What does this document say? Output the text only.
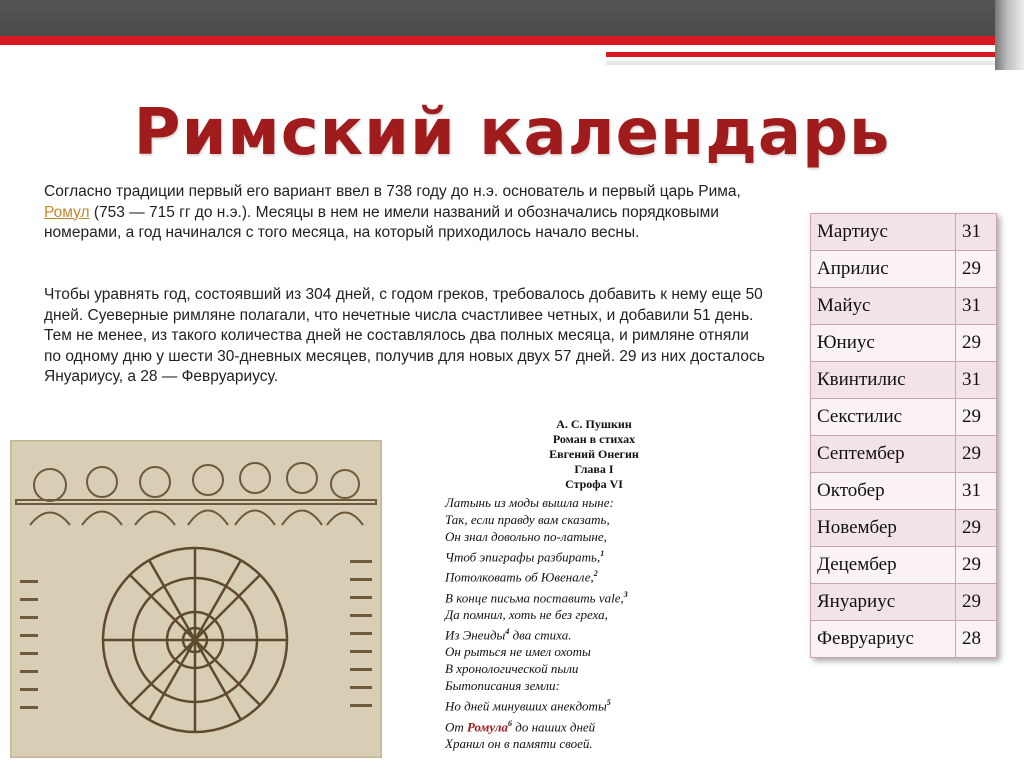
Римский календарь
Согласно традиции первый его вариант ввел в 738 году до н.э. основатель и первый царь Рима, Ромул (753 — 715 гг до н.э.). Месяцы в нем не имели названий и обозначались порядковыми номерами, а год начинался с того месяца, на который приходилось начало весны.
Чтобы уравнять год, состоявший из 304 дней, с годом греков, требовалось добавить к нему еще 50 дней. Суеверные римляне полагали, что нечетные числа счастливее четных, и добавили 51 день. Тем не менее, из такого количества дней не составлялось два полных месяца, и римляне отняли по одному дню у шести 30-дневных месяцев, получив для новых двух 57 дней. 29 из них досталось Януариусу, а 28 — Февруариусу.
А. С. Пушкин
Роман в стихах
Евгений Онегин
Глава I
Строфа VI
Латынь из моды вышла ныне:
Так, если правду вам сказать,
Он знал довольно по-латыне,
Чтоб эпиграфы разбирать,$^1$
Потолковать об Ювенале,$^2$
В конце письма поставить vale,$^3$
Да помнил, хоть не без греха,
Из Энеиды$^4$ два стиха.
Он рыться не имел охоты
В хронологической пыли
Бытописания земли:
Но дней минувших анекдоты$^5$
От Ромула$^6$ до наших дней
Хранил он в памяти своей.
Мартиус	31
Априлис	29
Майус	31
Юниус	29
Квинтилис	31
Секстилис	29
Септембер	29
Октобер	31
Новембер	29
Децембер	29
Януариус	29
Февруариус	28
